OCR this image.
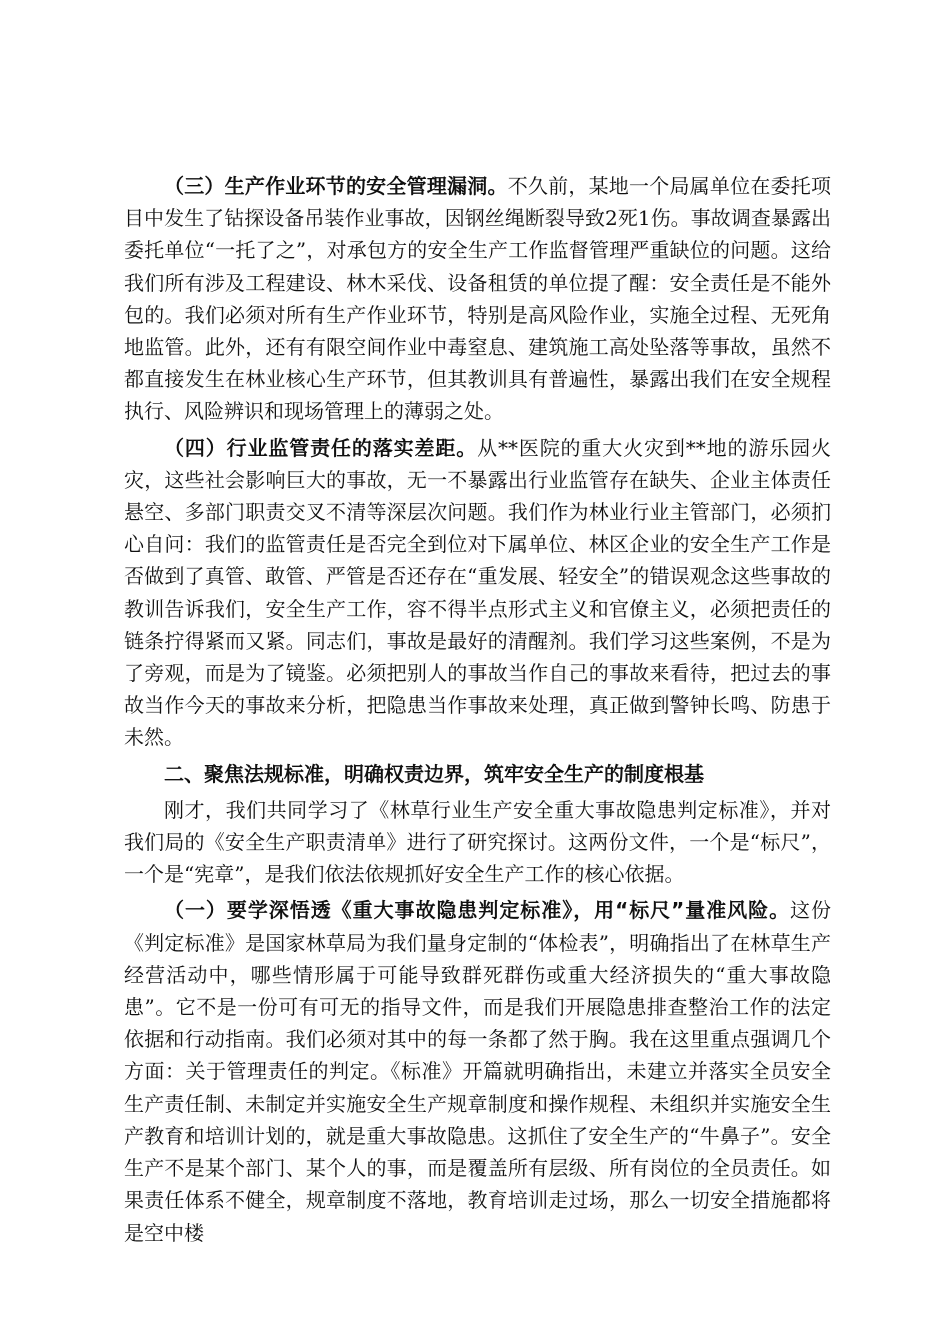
（三）生产作业环节的安全管理漏洞。不久前，某地一个局属单位在委托项目中发生了钻探设备吊装作业事故，因钢丝绳断裂导致2死1伤。事故调查暴露出委托单位“一托了之”，对承包方的安全生产工作监督管理严重缺位的问题。这给我们所有涉及工程建设、林木采伐、设备租赁的单位提了醒：安全责任是不能外包的。我们必须对所有生产作业环节，特别是高风险作业，实施全过程、无死角地监管。此外，还有有限空间作业中毒窒息、建筑施工高处坠落等事故，虽然不都直接发生在林业核心生产环节，但其教训具有普遍性，暴露出我们在安全规程执行、风险辨识和现场管理上的薄弱之处。

（四）行业监管责任的落实差距。从**医院的重大火灾到**地的游乐园火灾，这些社会影响巨大的事故，无一不暴露出行业监管存在缺失、企业主体责任悬空、多部门职责交叉不清等深层次问题。我们作为林业行业主管部门，必须扪心自问：我们的监管责任是否完全到位对下属单位、林区企业的安全生产工作是否做到了真管、敢管、严管是否还存在“重发展、轻安全”的错误观念这些事故的教训告诉我们，安全生产工作，容不得半点形式主义和官僚主义，必须把责任的链条拧得紧而又紧。同志们，事故是最好的清醒剂。我们学习这些案例，不是为了旁观，而是为了镜鉴。必须把别人的事故当作自己的事故来看待，把过去的事故当作今天的事故来分析，把隐患当作事故来处理，真正做到警钟长鸣、防患于未然。

二、聚焦法规标准，明确权责边界，筑牢安全生产的制度根基

刚才，我们共同学习了《林草行业生产安全重大事故隐患判定标准》，并对我们局的《安全生产职责清单》进行了研究探讨。这两份文件，一个是“标尺”，一个是“宪章”，是我们依法依规抓好安全生产工作的核心依据。

（一）要学深悟透《重大事故隐患判定标准》，用“标尺”量准风险。这份《判定标准》是国家林草局为我们量身定制的“体检表”，明确指出了在林草生产经营活动中，哪些情形属于可能导致群死群伤或重大经济损失的“重大事故隐患”。它不是一份可有可无的指导文件，而是我们开展隐患排查整治工作的法定依据和行动指南。我们必须对其中的每一条都了然于胸。我在这里重点强调几个方面：关于管理责任的判定。《标准》开篇就明确指出，未建立并落实全员安全生产责任制、未制定并实施安全生产规章制度和操作规程、未组织并实施安全生产教育和培训计划的，就是重大事故隐患。这抓住了安全生产的“牛鼻子”。安全生产不是某个部门、某个人的事，而是覆盖所有层级、所有岗位的全员责任。如果责任体系不健全，规章制度不落地，教育培训走过场，那么一切安全措施都将是空中楼
